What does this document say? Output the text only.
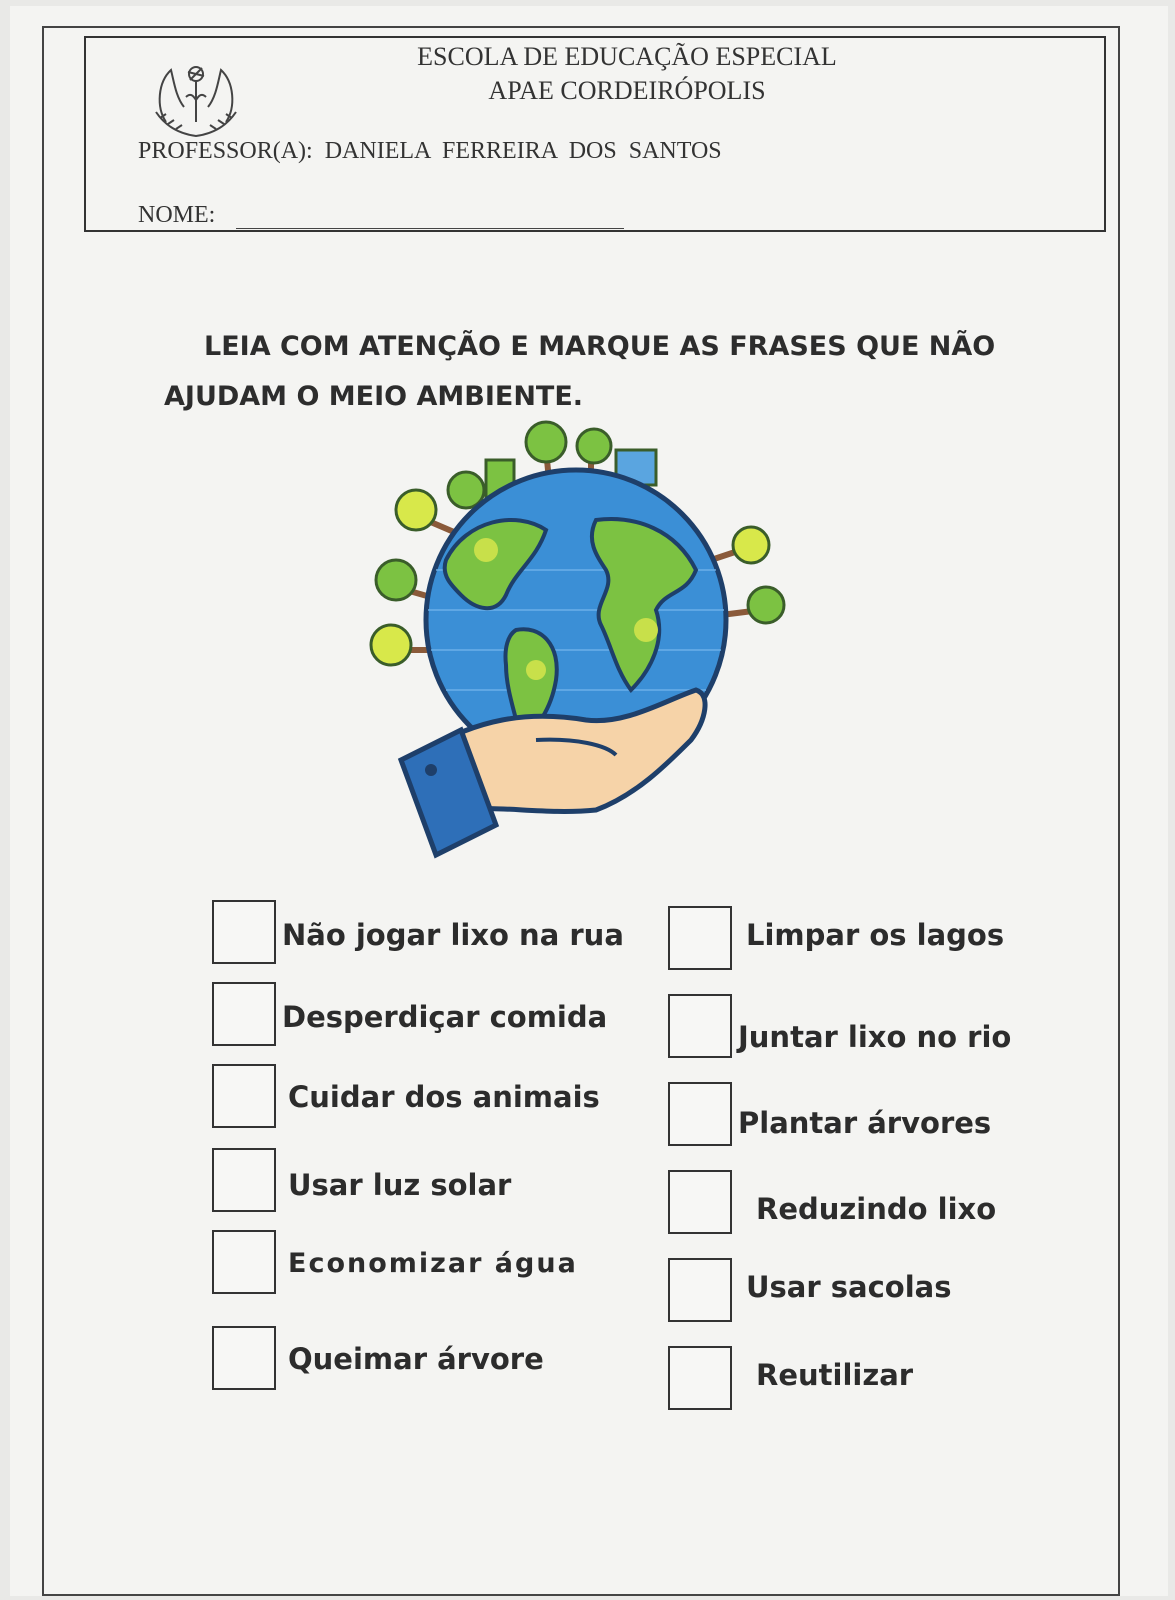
ESCOLA DE EDUCAÇÃO ESPECIAL
APAE CORDEIRÓPOLIS
PROFESSOR(A): DANIELA FERREIRA DOS SANTOS
NOME:
LEIA COM ATENÇÃO E MARQUE AS FRASES QUE NÃO AJUDAM O MEIO AMBIENTE.
Não jogar lixo na rua
Desperdiçar comida
Cuidar dos animais
Usar luz solar
Economizar água
Queimar árvore
Limpar os lagos
Juntar lixo no rio
Plantar árvores
Reduzindo lixo
Usar sacolas
Reutilizar
